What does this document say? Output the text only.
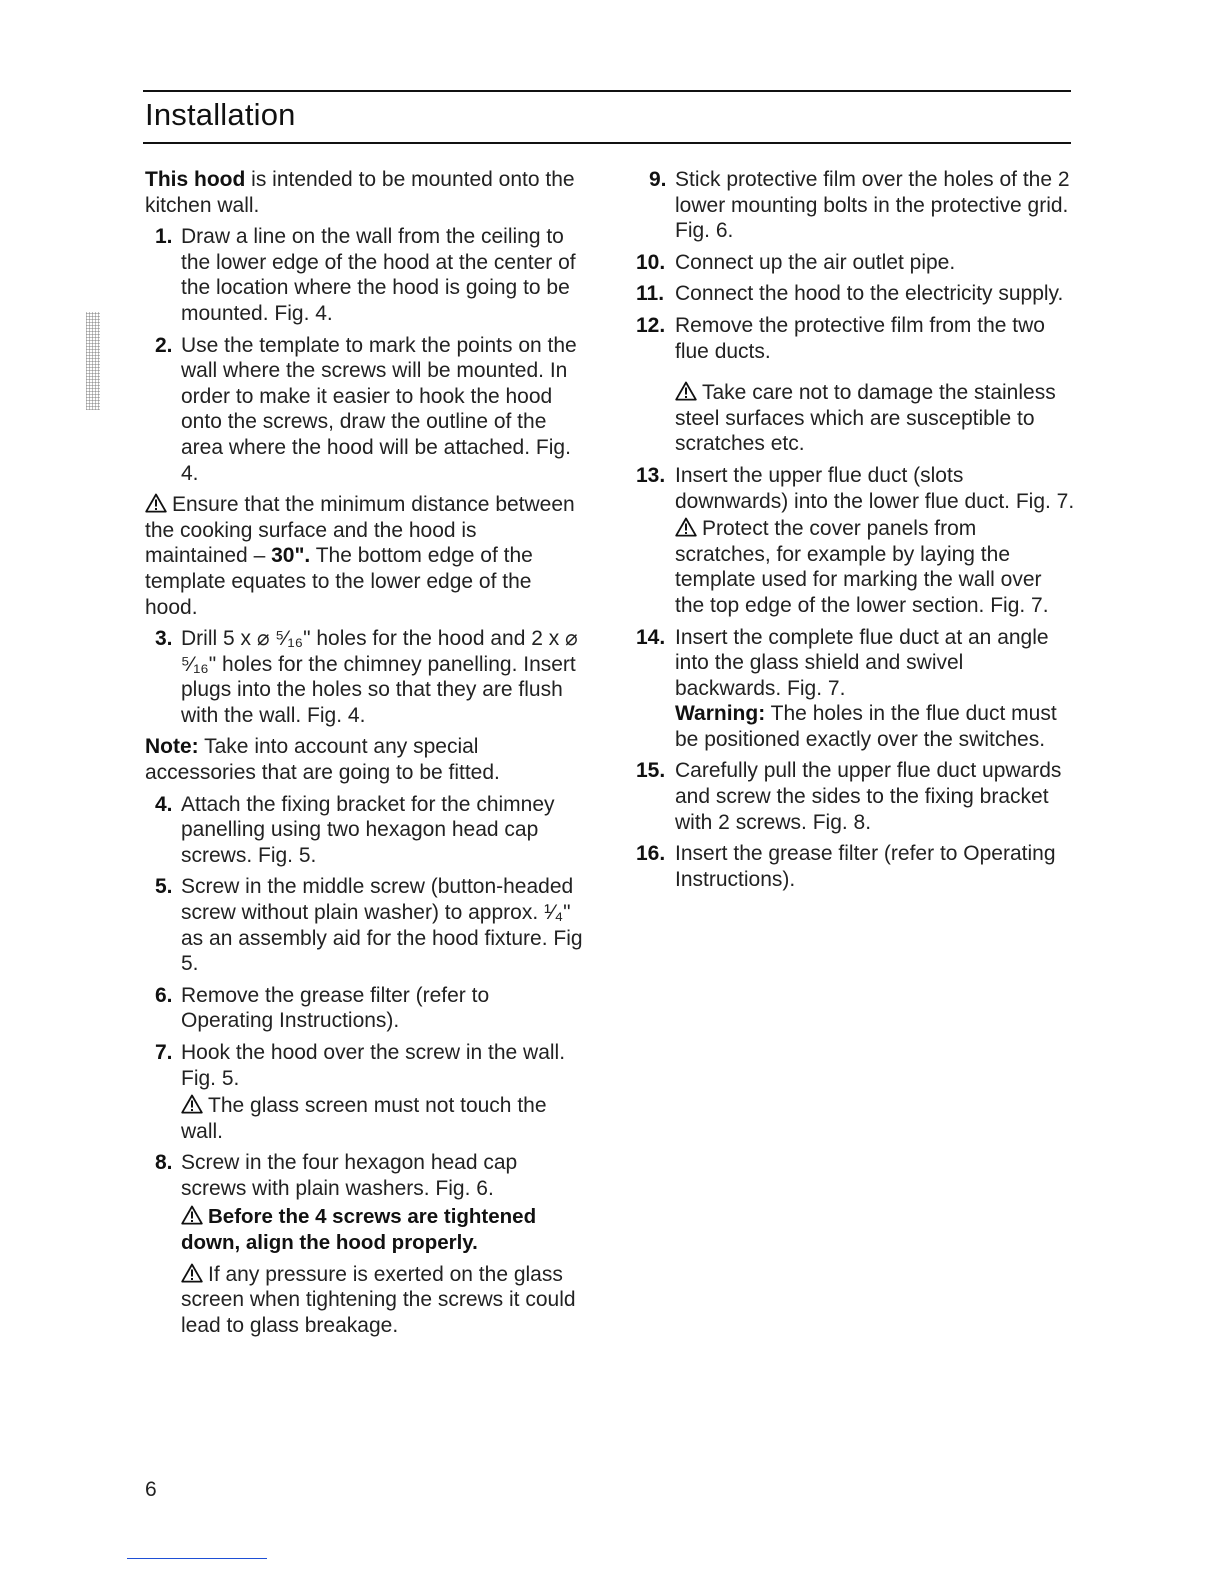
Installation

This hood is intended to be mounted onto the kitchen wall.

1. Draw a line on the wall from the ceiling to the lower edge of the hood at the center of the location where the hood is going to be mounted. Fig. 4.
2. Use the template to mark the points on the wall where the screws will be mounted. In order to make it easier to hook the hood onto the screws, draw the outline of the area where the hood will be attached. Fig. 4.

Ensure that the minimum distance between the cooking surface and the hood is maintained – 30". The bottom edge of the template equates to the lower edge of the hood.

3. Drill 5 x ⌀ ⁵⁄₁₆" holes for the hood and 2 x ⌀ ⁵⁄₁₆" holes for the chimney panelling. Insert plugs into the holes so that they are flush with the wall. Fig. 4.

Note: Take into account any special accessories that are going to be fitted.

4. Attach the fixing bracket for the chimney panelling using two hexagon head cap screws. Fig. 5.
5. Screw in the middle screw (button-headed screw without plain washer) to approx. ¹⁄₄" as an assembly aid for the hood fixture. Fig 5.
6. Remove the grease filter (refer to Operating Instructions).
7. Hook the hood over the screw in the wall. Fig. 5.

The glass screen must not touch the wall.

8. Screw in the four hexagon head cap screws with plain washers. Fig. 6.

Before the 4 screws are tightened down, align the hood properly.

If any pressure is exerted on the glass screen when tightening the screws it could lead to glass breakage.

9. Stick protective film over the holes of the 2 lower mounting bolts in the protective grid. Fig. 6.
10. Connect up the air outlet pipe.
11. Connect the hood to the electricity supply.
12. Remove the protective film from the two flue ducts.

Take care not to damage the stainless steel surfaces which are susceptible to scratches etc.

13. Insert the upper flue duct (slots downwards) into the lower flue duct. Fig. 7.

Protect the cover panels from scratches, for example by laying the template used for marking the wall over the top edge of the lower section. Fig. 7.

14. Insert the complete flue duct at an angle into the glass shield and swivel backwards. Fig. 7.

Warning: The holes in the flue duct must be positioned exactly over the switches.

15. Carefully pull the upper flue duct upwards and screw the sides to the fixing bracket with 2 screws. Fig. 8.
16. Insert the grease filter (refer to Operating Instructions).
6
